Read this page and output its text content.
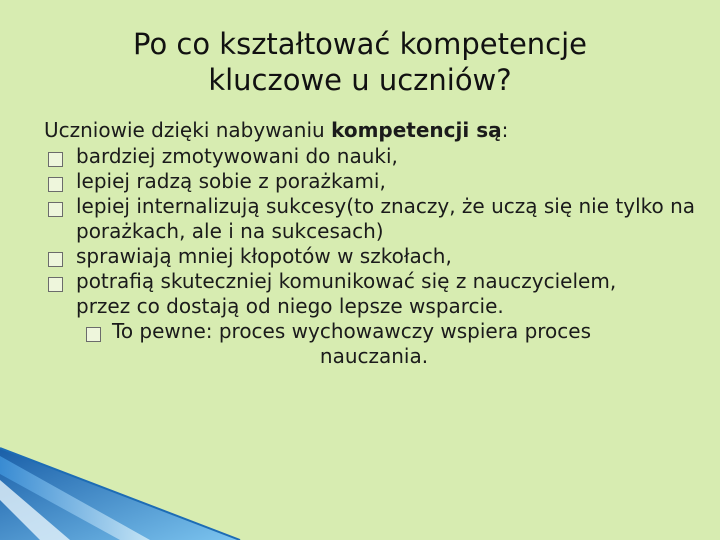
Po co kształtować kompetencje
kluczowe u uczniów?
Uczniowie dzięki nabywaniu kompetencji są:
bardziej zmotywowani do nauki,
lepiej radzą sobie z porażkami,
lepiej internalizują sukcesy(to znaczy, że uczą się nie tylko na porażkach, ale i na sukcesach)
sprawiają mniej kłopotów w szkołach,
potrafią skuteczniej komunikować się z nauczycielem, przez co dostają od niego lepsze wsparcie.
To pewne: proces wychowawczy wspiera proces
nauczania.
